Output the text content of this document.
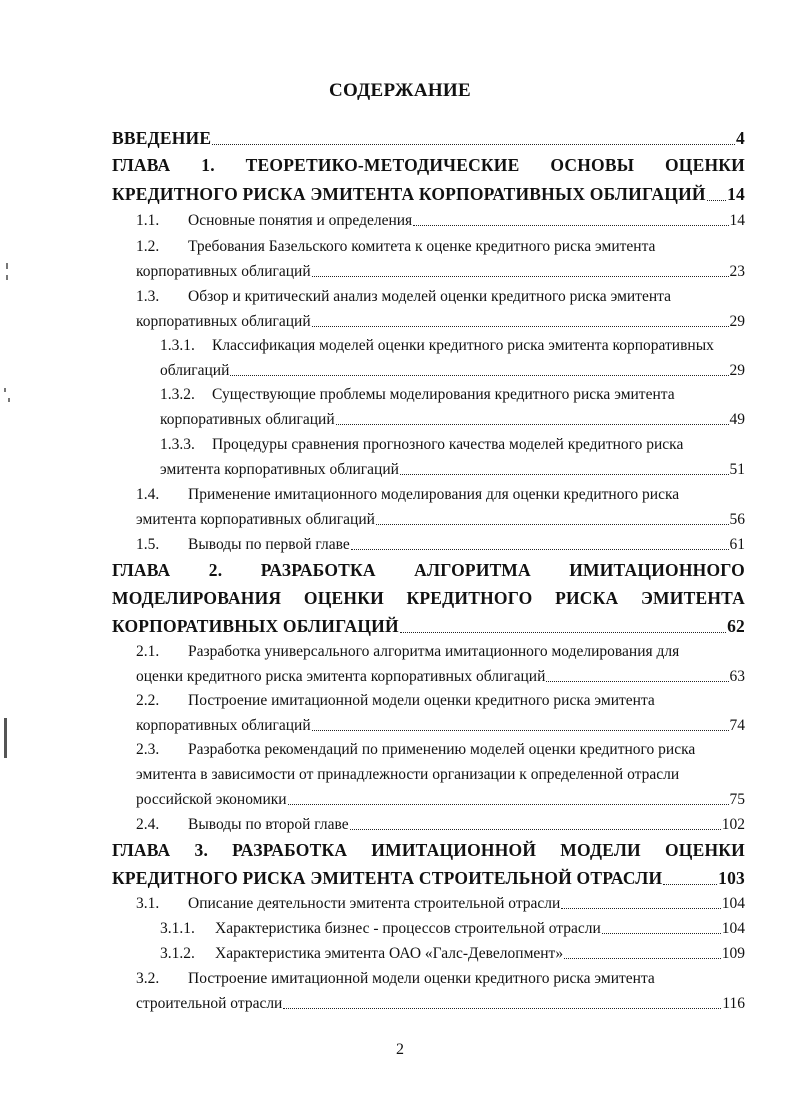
СОДЕРЖАНИЕ
ВВЕДЕНИЕ	4
ГЛАВА 1. ТЕОРЕТИКО-МЕТОДИЧЕСКИЕ ОСНОВЫ ОЦЕНКИ
КРЕДИТНОГО РИСКА ЭМИТЕНТА КОРПОРАТИВНЫХ ОБЛИГАЦИЙ 14
1.1.	Основные понятия и определения	14
1.2.	Требования Базельского комитета к оценке кредитного риска эмитента
корпоративных облигаций	23
1.3.	Обзор и критический анализ моделей оценки кредитного риска эмитента
корпоративных облигаций	29
1.3.1.	Классификация моделей оценки кредитного риска эмитента корпоративных
облигаций	29
1.3.2.	Существующие проблемы моделирования кредитного риска эмитента
корпоративных облигаций	49
1.3.3.	Процедуры сравнения прогнозного качества моделей кредитного риска
эмитента корпоративных облигаций	51
1.4.	Применение имитационного моделирования для оценки кредитного риска
эмитента корпоративных облигаций	56
1.5.	Выводы по первой главе	61
ГЛАВА 2. РАЗРАБОТКА АЛГОРИТМА ИМИТАЦИОННОГО
МОДЕЛИРОВАНИЯ ОЦЕНКИ КРЕДИТНОГО РИСКА ЭМИТЕНТА
КОРПОРАТИВНЫХ ОБЛИГАЦИЙ	62
2.1.	Разработка универсального алгоритма имитационного моделирования для
оценки кредитного риска эмитента корпоративных облигаций	63
2.2.	Построение имитационной модели оценки кредитного риска эмитента
корпоративных облигаций	74
2.3.	Разработка рекомендаций по применению моделей оценки кредитного риска
эмитента в зависимости от принадлежности организации к определенной отрасли
российской экономики	75
2.4.	Выводы по второй главе	102
ГЛАВА 3. РАЗРАБОТКА ИМИТАЦИОННОЙ МОДЕЛИ ОЦЕНКИ
КРЕДИТНОГО РИСКА ЭМИТЕНТА СТРОИТЕЛЬНОЙ ОТРАСЛИ	103
3.1.	Описание деятельности эмитента строительной отрасли	104
3.1.1.	Характеристика бизнес - процессов строительной отрасли	104
3.1.2.	Характеристика эмитента ОАО «Галс-Девелопмент»	109
3.2.	Построение имитационной модели оценки кредитного риска эмитента
строительной отрасли	116
2
